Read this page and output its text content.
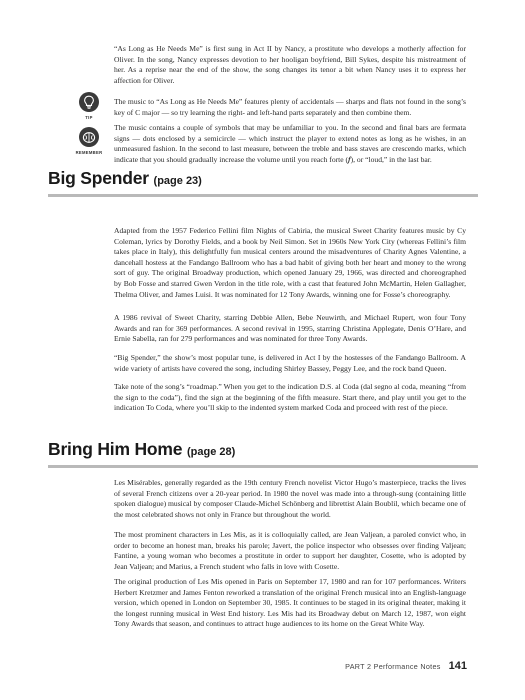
“As Long as He Needs Me” is first sung in Act II by Nancy, a prostitute who develops a motherly affection for Oliver. In the song, Nancy expresses devotion to her hooligan boyfriend, Bill Sykes, despite his mistreatment of her. As a reprise near the end of the show, the song changes its tenor a bit when Nancy uses it to express her affection for Oliver.

TIP

The music to “As Long as He Needs Me” features plenty of accidentals — sharps and flats not found in the song’s key of C major — so try learning the right- and left-hand parts separately and then combine them.

REMEMBER

The music contains a couple of symbols that may be unfamiliar to you. In the second and final bars are fermata signs — dots enclosed by a semicircle — which instruct the player to extend notes as long as he wishes, in an unmeasured fashion. In the second to last measure, between the treble and bass staves are crescendo marks, which indicate that you should gradually increase the volume until you reach forte (𝆑), or “loud,” in the last bar.

Big Spender (page 23)

Adapted from the 1957 Federico Fellini film Nights of Cabiria, the musical Sweet Charity features music by Cy Coleman, lyrics by Dorothy Fields, and a book by Neil Simon. Set in 1960s New York City (whereas Fellini’s film takes place in Italy), this delightfully fun musical centers around the misadventures of Charity Agnes Valentine, a dancehall hostess at the Fandango Ballroom who has a bad habit of giving both her heart and money to the wrong sort of guy. The original Broadway production, which opened January 29, 1966, was directed and choreographed by Bob Fosse and starred Gwen Verdon in the title role, with a cast that featured John McMartin, Helen Gallagher, Thelma Oliver, and James Luisi. It was nominated for 12 Tony Awards, winning one for Fosse’s choreography.

A 1986 revival of Sweet Charity, starring Debbie Allen, Bebe Neuwirth, and Michael Rupert, won four Tony Awards and ran for 369 performances. A second revival in 1995, starring Christina Applegate, Denis O’Hare, and Ernie Sabella, ran for 279 performances and was nominated for three Tony Awards.

“Big Spender,” the show’s most popular tune, is delivered in Act I by the hostesses of the Fandango Ballroom. A wide variety of artists have covered the song, including Shirley Bassey, Peggy Lee, and the rock band Queen.

Take note of the song’s “roadmap.” When you get to the indication D.S. al Coda (dal segno al coda, meaning “from the sign to the coda”), find the sign at the beginning of the fifth measure. Start there, and play until you get to the indication To Coda, where you’ll skip to the indented system marked Coda and proceed with rest of the piece.

Bring Him Home (page 28)

Les Misérables, generally regarded as the 19th century French novelist Victor Hugo’s masterpiece, tracks the lives of several French citizens over a 20-year period. In 1980 the novel was made into a through-sung (containing little spoken dialogue) musical by composer Claude-Michel Schönberg and librettist Alain Boublil, which became one of the most celebrated shows not only in France but throughout the world.

The most prominent characters in Les Mis, as it is colloquially called, are Jean Valjean, a paroled convict who, in order to become an honest man, breaks his parole; Javert, the police inspector who obsesses over finding Valjean; Fantine, a young woman who becomes a prostitute in order to support her daughter, Cosette, who is adopted by Jean Valjean; and Marius, a French student who falls in love with Cosette.

The original production of Les Mis opened in Paris on September 17, 1980 and ran for 107 performances. Writers Herbert Kretzmer and James Fenton reworked a translation of the original French musical into an English-language version, which opened in London on September 30, 1985. It continues to be staged in its original theater, making it the longest running musical in West End history. Les Mis had its Broadway debut on March 12, 1987, won eight Tony Awards that season, and continues to attract huge audiences to its home on the Great White Way.

PART 2 Performance Notes 141
